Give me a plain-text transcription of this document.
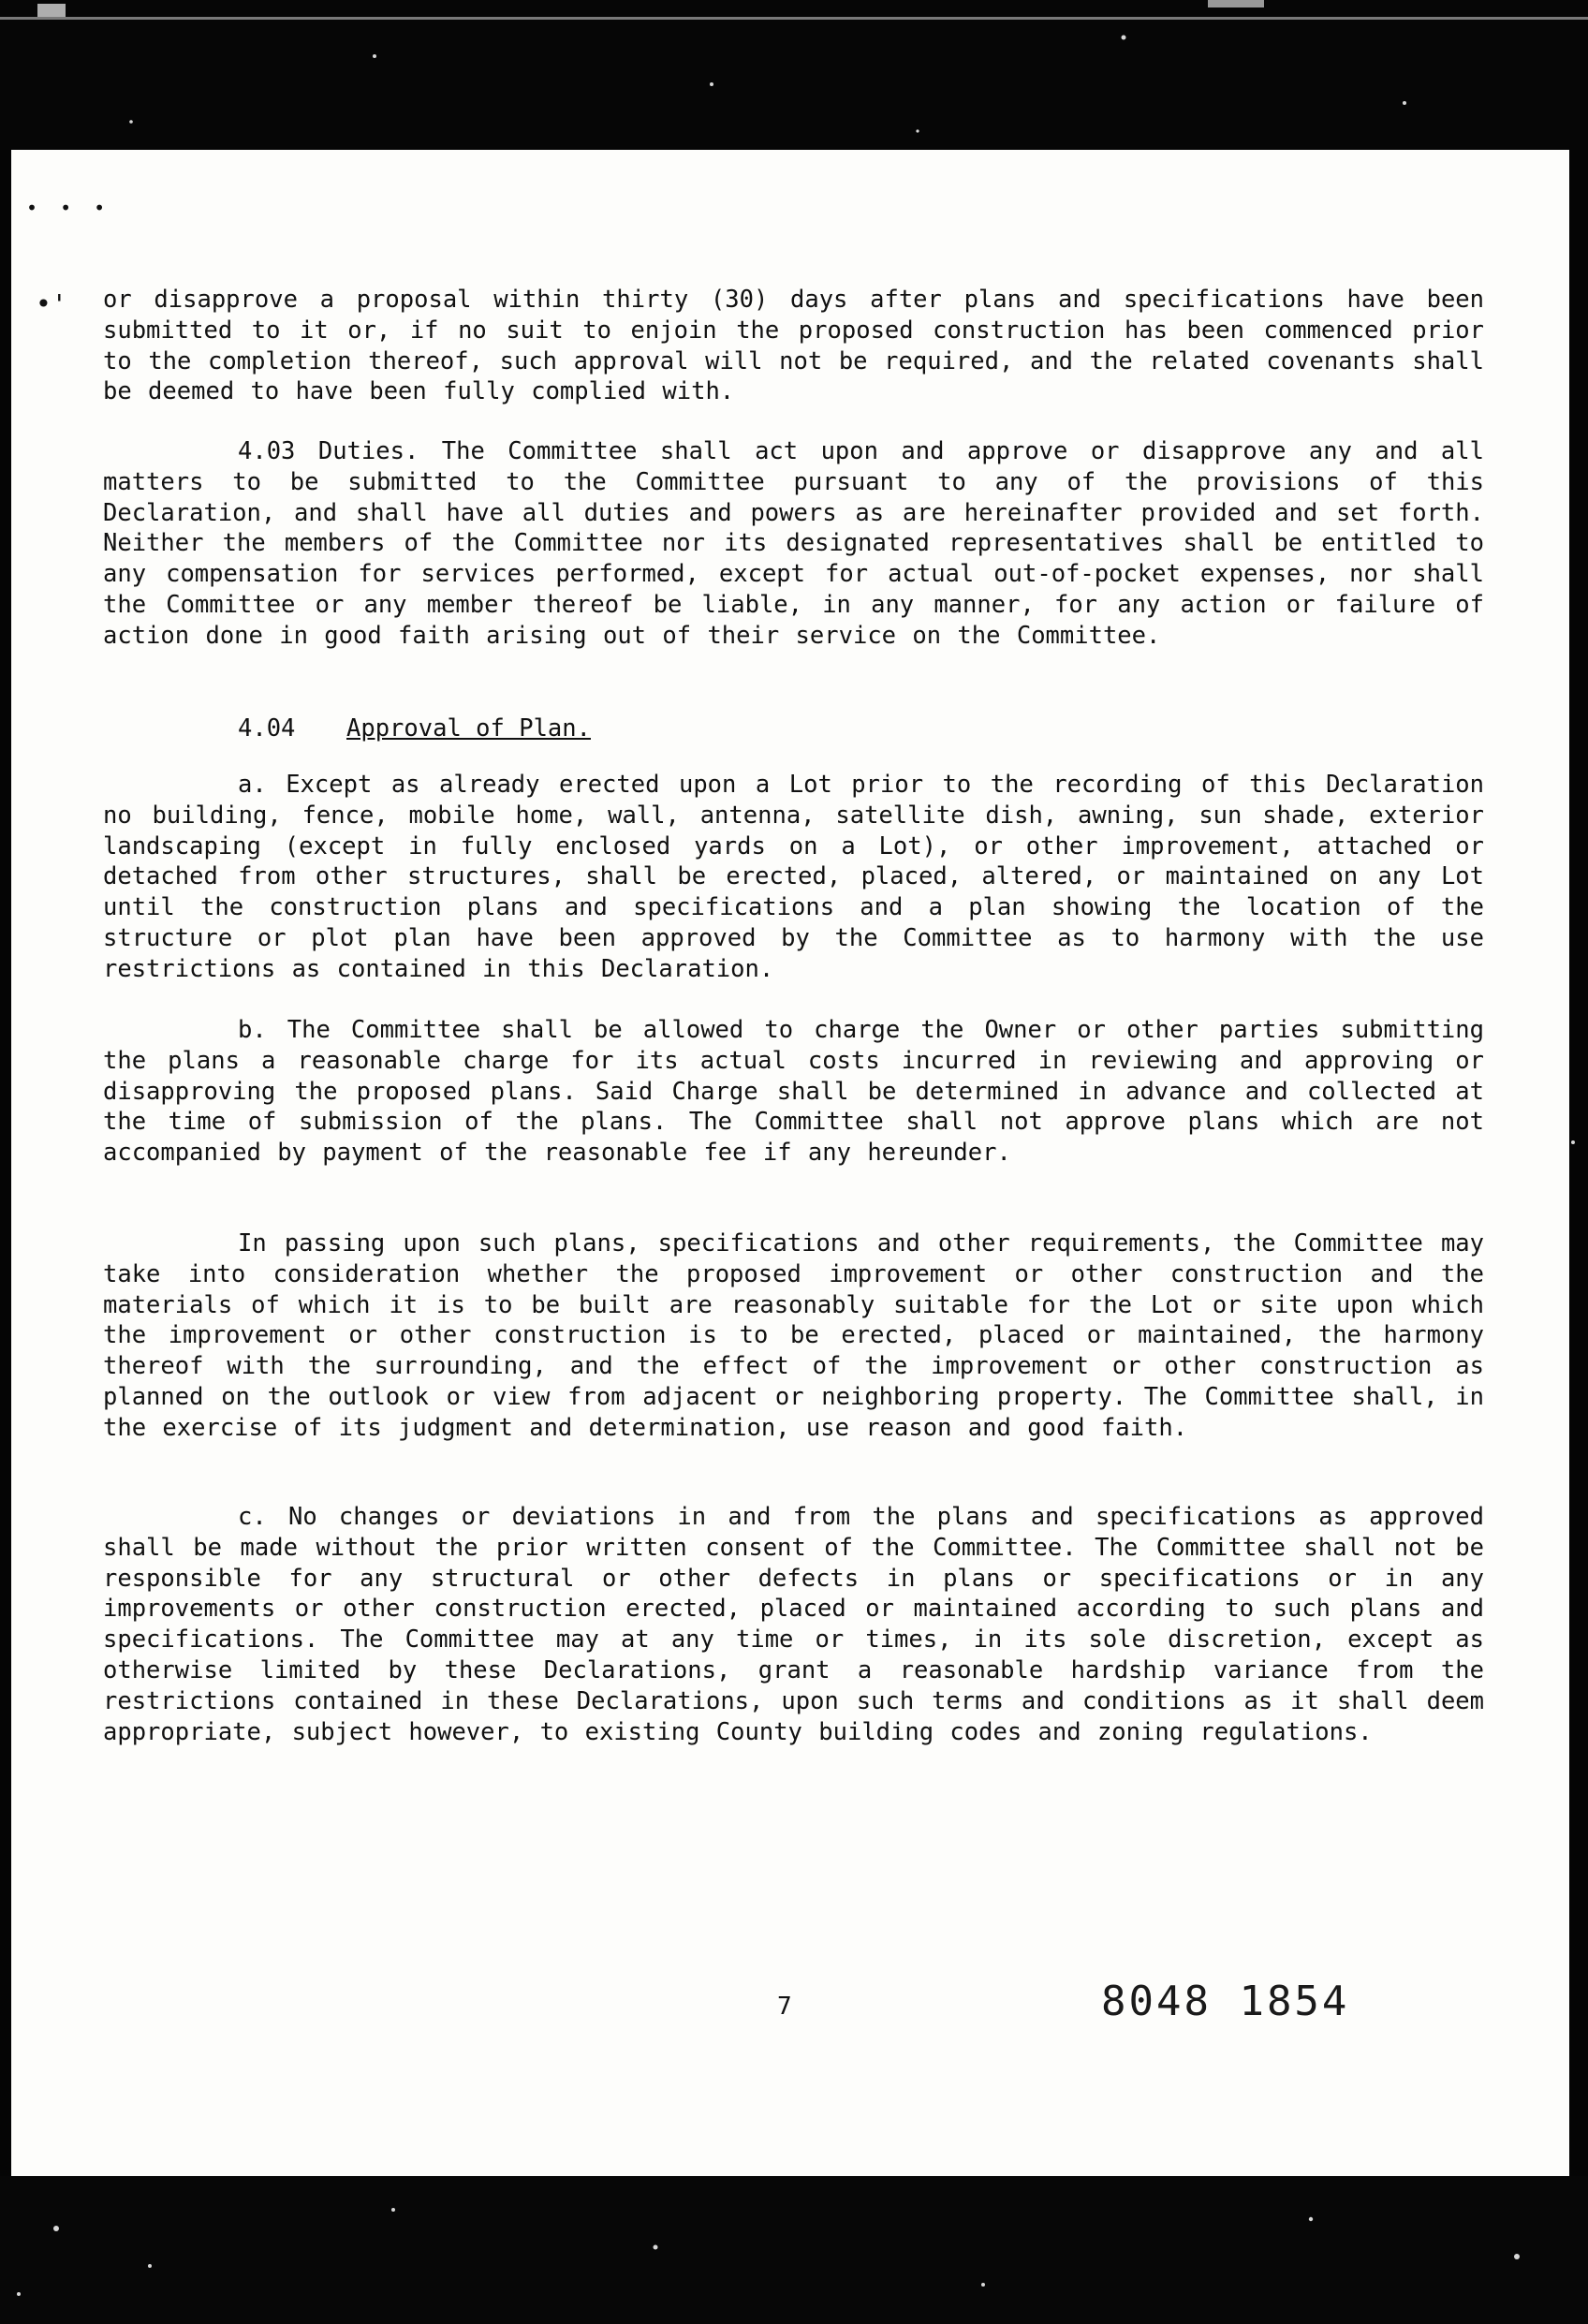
• • •
•' or disapprove a proposal within thirty (30) days after plans and specifications have been submitted to it or, if no suit to enjoin the proposed construction has been commenced prior to the completion thereof, such approval will not be required, and the related covenants shall be deemed to have been fully complied with.

4.03 Duties. The Committee shall act upon and approve or disapprove any and all matters to be submitted to the Committee pursuant to any of the provisions of this Declaration, and shall have all duties and powers as are hereinafter provided and set forth. Neither the members of the Committee nor its designated representatives shall be entitled to any compensation for services performed, except for actual out-of-pocket expenses, nor shall the Committee or any member thereof be liable, in any manner, for any action or failure of action done in good faith arising out of their service on the Committee.

4.04 Approval of Plan.

a. Except as already erected upon a Lot prior to the recording of this Declaration no building, fence, mobile home, wall, antenna, satellite dish, awning, sun shade, exterior landscaping (except in fully enclosed yards on a Lot), or other improvement, attached or detached from other structures, shall be erected, placed, altered, or maintained on any Lot until the construction plans and specifications and a plan showing the location of the structure or plot plan have been approved by the Committee as to harmony with the use restrictions as contained in this Declaration.

b. The Committee shall be allowed to charge the Owner or other parties submitting the plans a reasonable charge for its actual costs incurred in reviewing and approving or disapproving the proposed plans. Said Charge shall be determined in advance and collected at the time of submission of the plans. The Committee shall not approve plans which are not accompanied by payment of the reasonable fee if any hereunder.

In passing upon such plans, specifications and other requirements, the Committee may take into consideration whether the proposed improvement or other construction and the materials of which it is to be built are reasonably suitable for the Lot or site upon which the improvement or other construction is to be erected, placed or maintained, the harmony thereof with the surrounding, and the effect of the improvement or other construction as planned on the outlook or view from adjacent or neighboring property. The Committee shall, in the exercise of its judgment and determination, use reason and good faith.

c. No changes or deviations in and from the plans and specifications as approved shall be made without the prior written consent of the Committee. The Committee shall not be responsible for any structural or other defects in plans or specifications or in any improvements or other construction erected, placed or maintained according to such plans and specifications. The Committee may at any time or times, in its sole discretion, except as otherwise limited by these Declarations, grant a reasonable hardship variance from the restrictions contained in these Declarations, upon such terms and conditions as it shall deem appropriate, subject however, to existing County building codes and zoning regulations.

7	8048 1854
